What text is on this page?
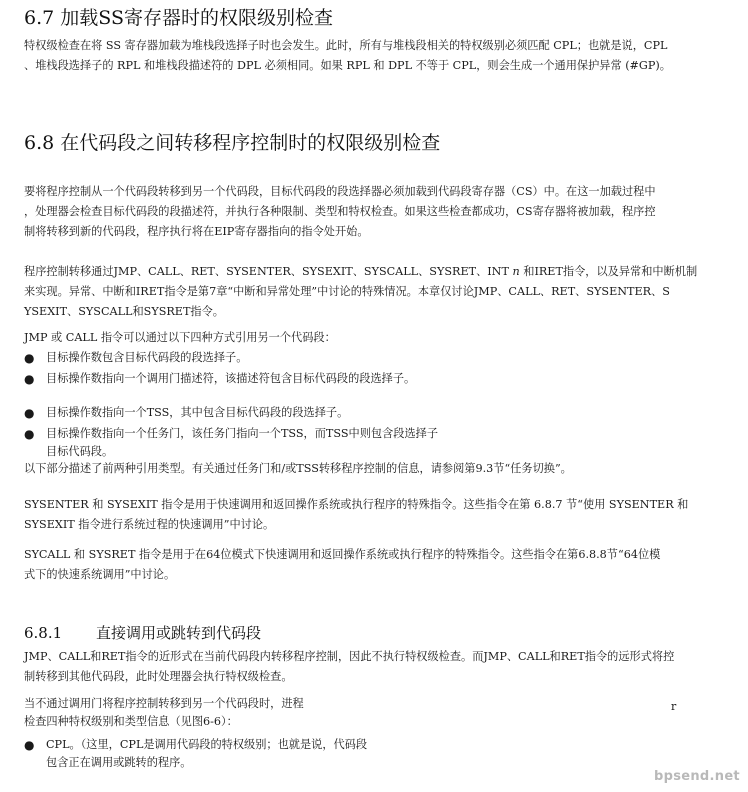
6.7 加载SS寄存器时的权限级别检查
特权级检查在将 SS 寄存器加载为堆栈段选择子时也会发生。此时，所有与堆栈段相关的特权级别必须匹配 CPL；也就是说，CPL
、堆栈段选择子的 RPL 和堆栈段描述符的 DPL 必须相同。如果 RPL 和 DPL 不等于 CPL，则会生成一个通用保护异常 (#GP)。
6.8 在代码段之间转移程序控制时的权限级别检查
要将程序控制从一个代码段转移到另一个代码段，目标代码段的段选择器必须加载到代码段寄存器（CS）中。在这一加载过程中
，处理器会检查目标代码段的段描述符，并执行各种限制、类型和特权检查。如果这些检查都成功，CS寄存器将被加载，程序控
制将转移到新的代码段，程序执行将在EIP寄存器指向的指令处开始。
程序控制转移通过JMP、CALL、RET、SYSENTER、SYSEXIT、SYSCALL、SYSRET、INT n 和IRET指令，以及异常和中断机制
来实现。异常、中断和IRET指令是第7章“中断和异常处理”中讨论的特殊情况。本章仅讨论JMP、CALL、RET、SYSENTER、S
YSEXIT、SYSCALL和SYSRET指令。
JMP 或 CALL 指令可以通过以下四种方式引用另一个代码段：
● 目标操作数包含目标代码段的段选择子。
● 目标操作数指向一个调用门描述符，该描述符包含目标代码段的段选择子。
● 目标操作数指向一个TSS，其中包含目标代码段的段选择子。
● 目标操作数指向一个任务门，该任务门指向一个TSS，而TSS中则包含段选择子
目标代码段。
以下部分描述了前两种引用类型。有关通过任务门和/或TSS转移程序控制的信息，请参阅第9.3节“任务切换”。
SYSENTER 和 SYSEXIT 指令是用于快速调用和返回操作系统或执行程序的特殊指令。这些指令在第 6.8.7 节“使用 SYSENTER 和
SYSEXIT 指令进行系统过程的快速调用”中讨论。
SYCALL 和 SYSRET 指令是用于在64位模式下快速调用和返回操作系统或执行程序的特殊指令。这些指令在第6.8.8节“64位模
式下的快速系统调用”中讨论。
6.8.1 直接调用或跳转到代码段
JMP、CALL和RET指令的近形式在当前代码段内转移程序控制，因此不执行特权级检查。而JMP、CALL和RET指令的远形式将控
制转移到其他代码段，此时处理器会执行特权级检查。
当不通过调用门将程序控制转移到另一个代码段时，进程
检查四种特权级别和类型信息（见图6-6）：
r
● CPL。（这里，CPL是调用代码段的特权级别；也就是说，代码段
包含正在调用或跳转的程序。
bpsend.net
